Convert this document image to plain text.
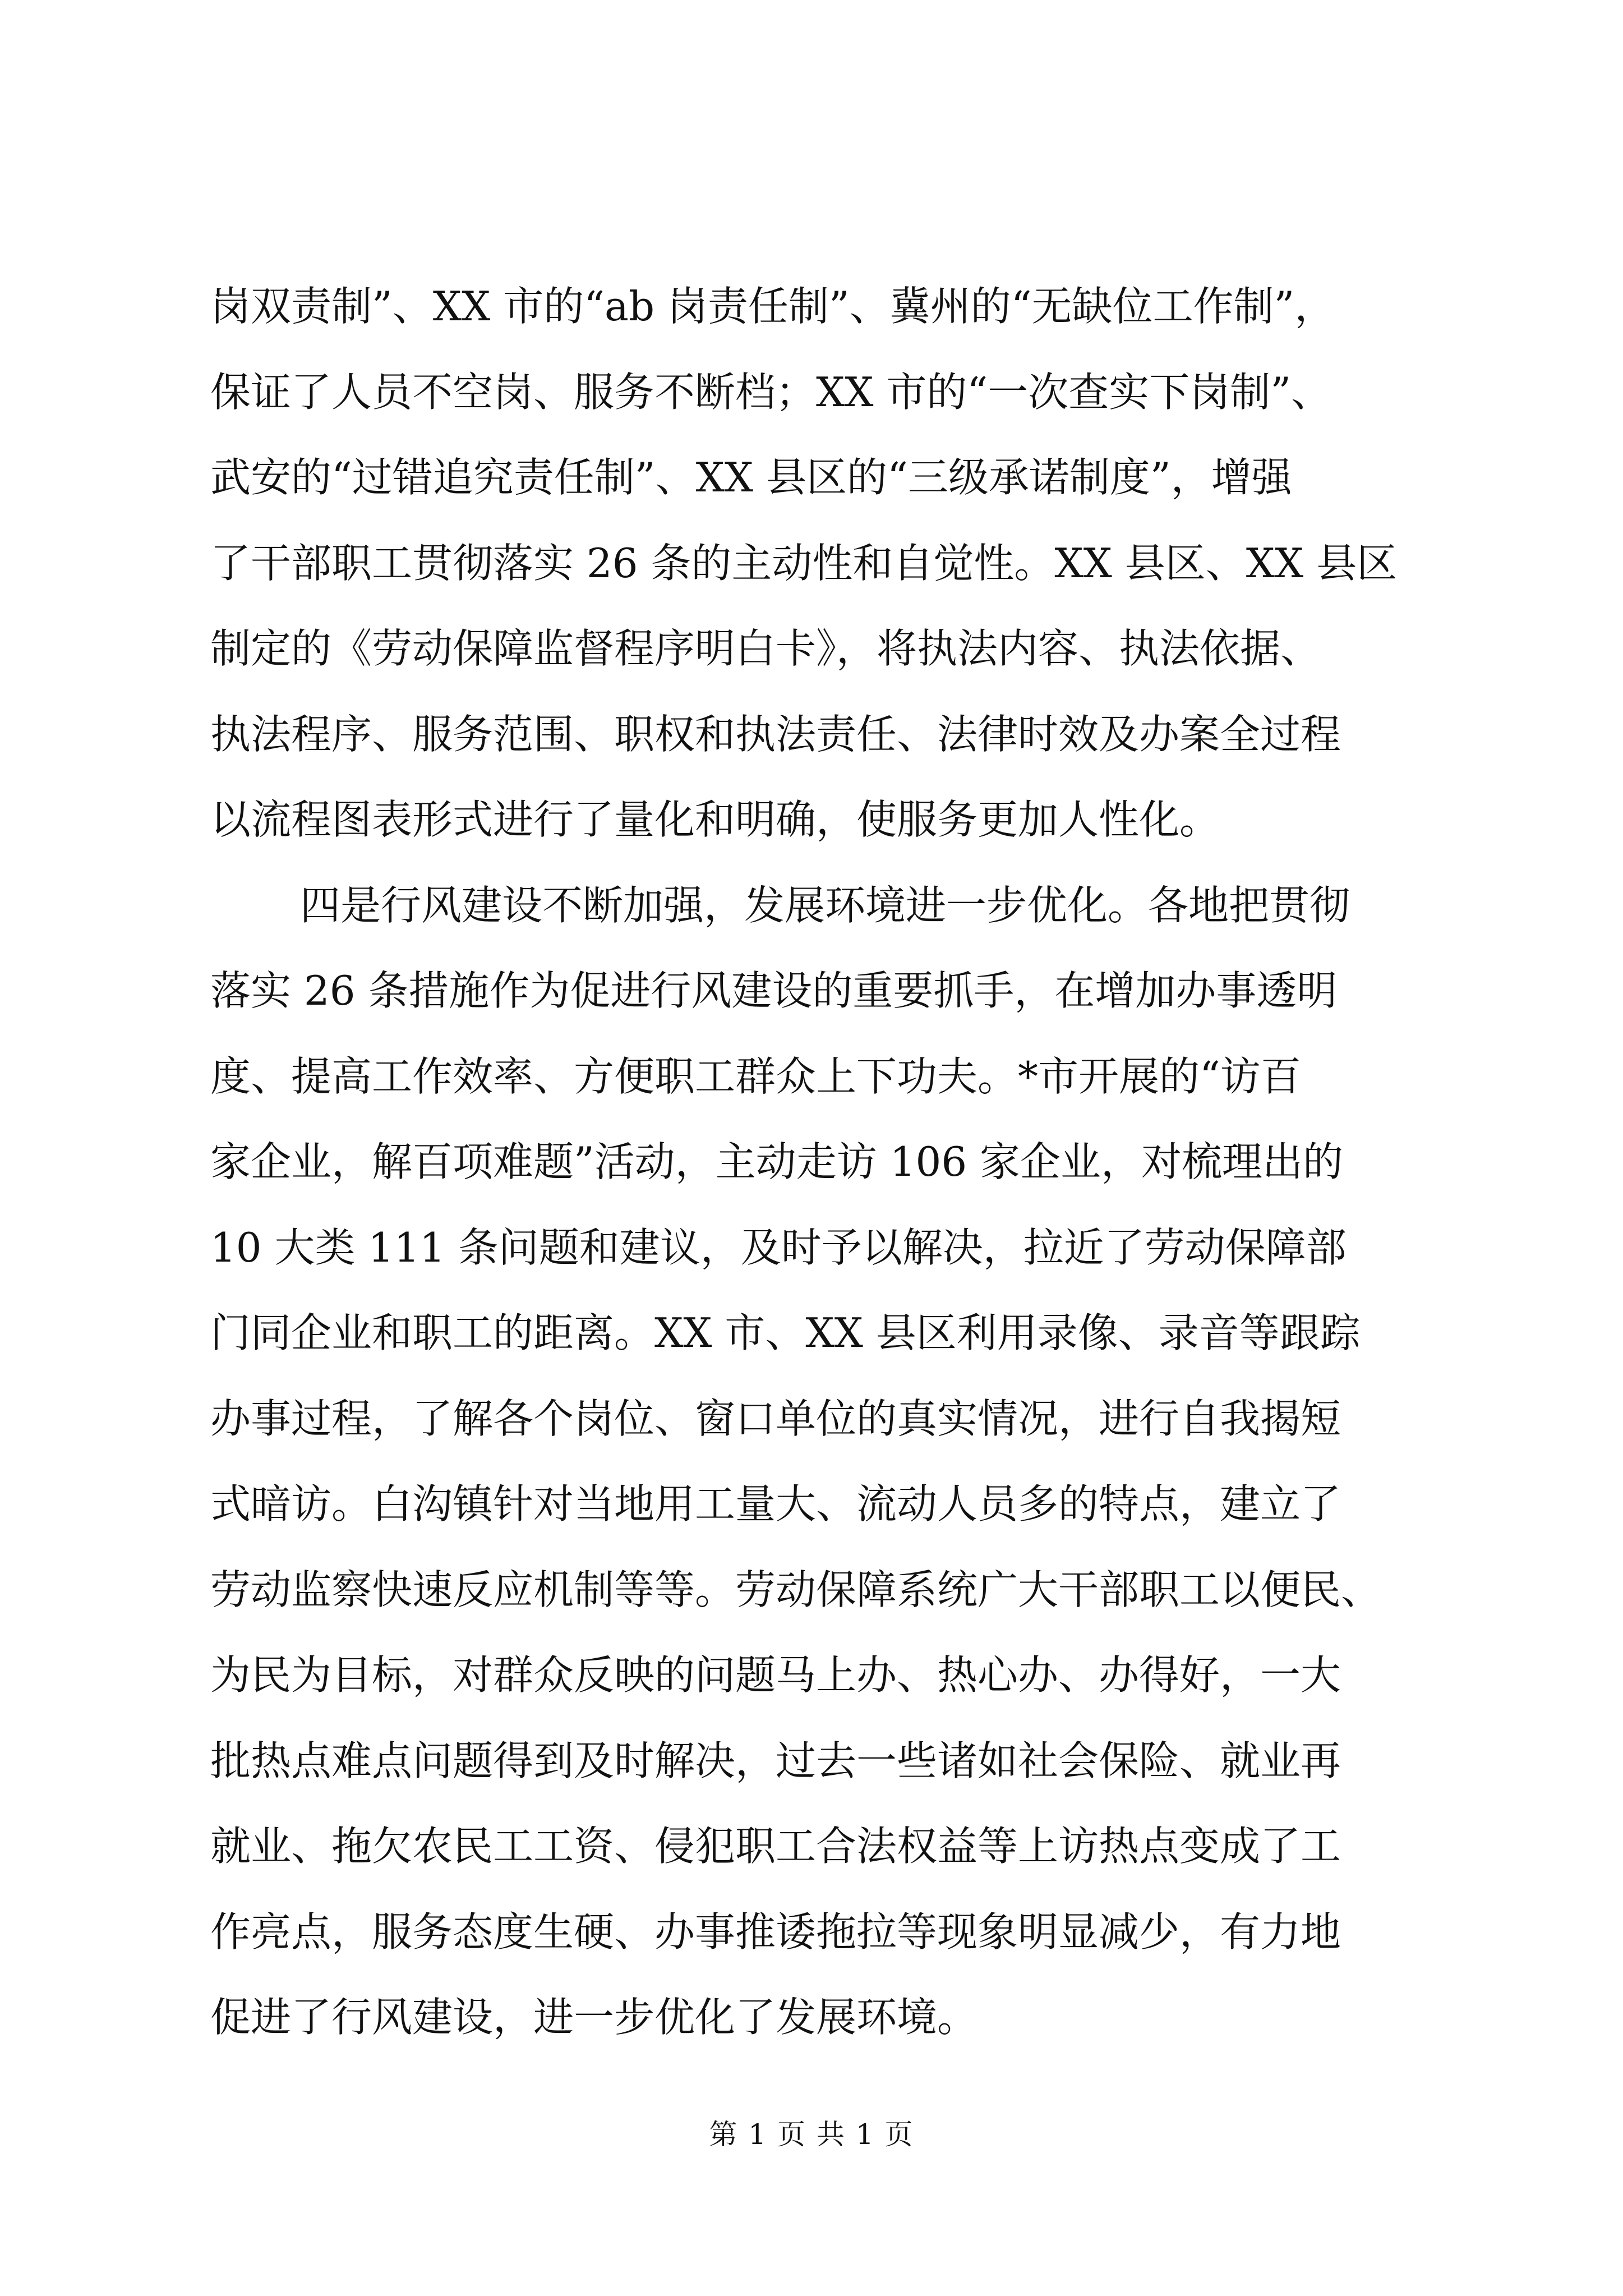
岗双责制”、XX 市的“ab 岗责任制”、冀州的“无缺位工作制”，
保证了人员不空岗、服务不断档；XX 市的“一次查实下岗制”、
武安的“过错追究责任制”、XX 县区的“三级承诺制度”，增强
了干部职工贯彻落实 26 条的主动性和自觉性。XX 县区、XX 县区
制定的《劳动保障监督程序明白卡》，将执法内容、执法依据、
执法程序、服务范围、职权和执法责任、法律时效及办案全过程
以流程图表形式进行了量化和明确，使服务更加人性化。
四是行风建设不断加强，发展环境进一步优化。各地把贯彻
落实 26 条措施作为促进行风建设的重要抓手，在增加办事透明
度、提高工作效率、方便职工群众上下功夫。*市开展的“访百
家企业，解百项难题”活动，主动走访 106 家企业，对梳理出的
10 大类 111 条问题和建议，及时予以解决，拉近了劳动保障部
门同企业和职工的距离。XX 市、XX 县区利用录像、录音等跟踪
办事过程，了解各个岗位、窗口单位的真实情况，进行自我揭短
式暗访。白沟镇针对当地用工量大、流动人员多的特点，建立了
劳动监察快速反应机制等等。劳动保障系统广大干部职工以便民、
为民为目标，对群众反映的问题马上办、热心办、办得好，一大
批热点难点问题得到及时解决，过去一些诸如社会保险、就业再
就业、拖欠农民工工资、侵犯职工合法权益等上访热点变成了工
作亮点，服务态度生硬、办事推诿拖拉等现象明显减少，有力地
促进了行风建设，进一步优化了发展环境。
第 1 页 共 1 页
